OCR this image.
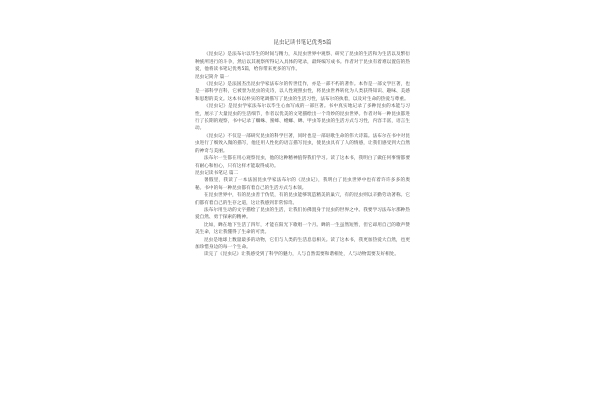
昆虫记读书笔记优秀5篇

《昆虫记》是法布尔以毕生的时间与精力，从昆虫世界中观察、研究了昆虫的生活和为生活以及繁衍种族所进行的斗争，然后以其观察所得记入具体的笔录，最终编写成书。作者对于昆虫有着难以置信的热爱，他将读书笔记优秀5篇，给你带来更多的写作。

昆虫记简介 篇一

《昆虫记》是法国杰出昆虫学家法布尔的传世佳作，亦是一部不朽的著作。本作是一部文学巨著，也是一部科学百科，它被誉为昆虫的史诗，以人性观照虫性，将昆虫世界转化为人类获得知识、趣味、美感和思想的美文。这本书以朴实的笔调描写了昆虫的生活习性，法布尔的执着，以及对生命的热爱与尊重。

《昆虫记》是昆虫学家法布尔以毕生心血写成的一部巨著。书中真实地记录了多种昆虫的本能与习性，展示了大量昆虫的生活细节，作者以优美的文笔描绘出一个奇妙的昆虫世界。作者对每一种昆虫都进行了长期的观察，书中记录了蜘蛛、蜜蜂、螳螂、蝉、甲虫等昆虫的生活方式与习性，内容丰富，语言生动。

《昆虫记》不仅是一部研究昆虫的科学巨著，同时也是一部讴歌生命的伟大诗篇。法布尔在书中对昆虫进行了细致入微的描写，他还用人性化的语言描写昆虫，使昆虫具有了人的情感，让我们感受到大自然的神奇与美丽。

法布尔一生都在用心观察昆虫，他的这种精神值得我们学习。读了这本书，我明白了做任何事情都要有耐心和恒心，只有这样才能取得成功。

昆虫记读书笔记 篇二

暑假里，我读了一本法国昆虫学家法布尔的《昆虫记》，我明白了昆虫世界中也有着许许多多的奥秘。书中的每一种昆虫都有着自己的生活方式与本领。

在昆虫世界中，有的昆虫善于伪装，有的昆虫能够筑造精美的巢穴，有的昆虫则以辛勤劳动著称。它们都有着自己的生存之道，这让我感到非常惊奇。

法布尔用生动的文字描绘了昆虫的生活，让我们仿佛置身于昆虫的世界之中。我要学习法布尔那种热爱自然、勇于探索的精神。

比如，蝉在地下生活了四年，才能在阳光下歌唱一个月。蝉的一生虽然短暂，但它却用自己的歌声赞美生命，这让我懂得了生命的可贵。

昆虫是地球上数量最多的动物，它们与人类的生活息息相关。读了这本书，我更加热爱大自然，也更加珍惜身边的每一个生命。

读完了《昆虫记》让我感受到了科学的魅力，人与自然需要和谐相处，人与动物需要友好相处。
